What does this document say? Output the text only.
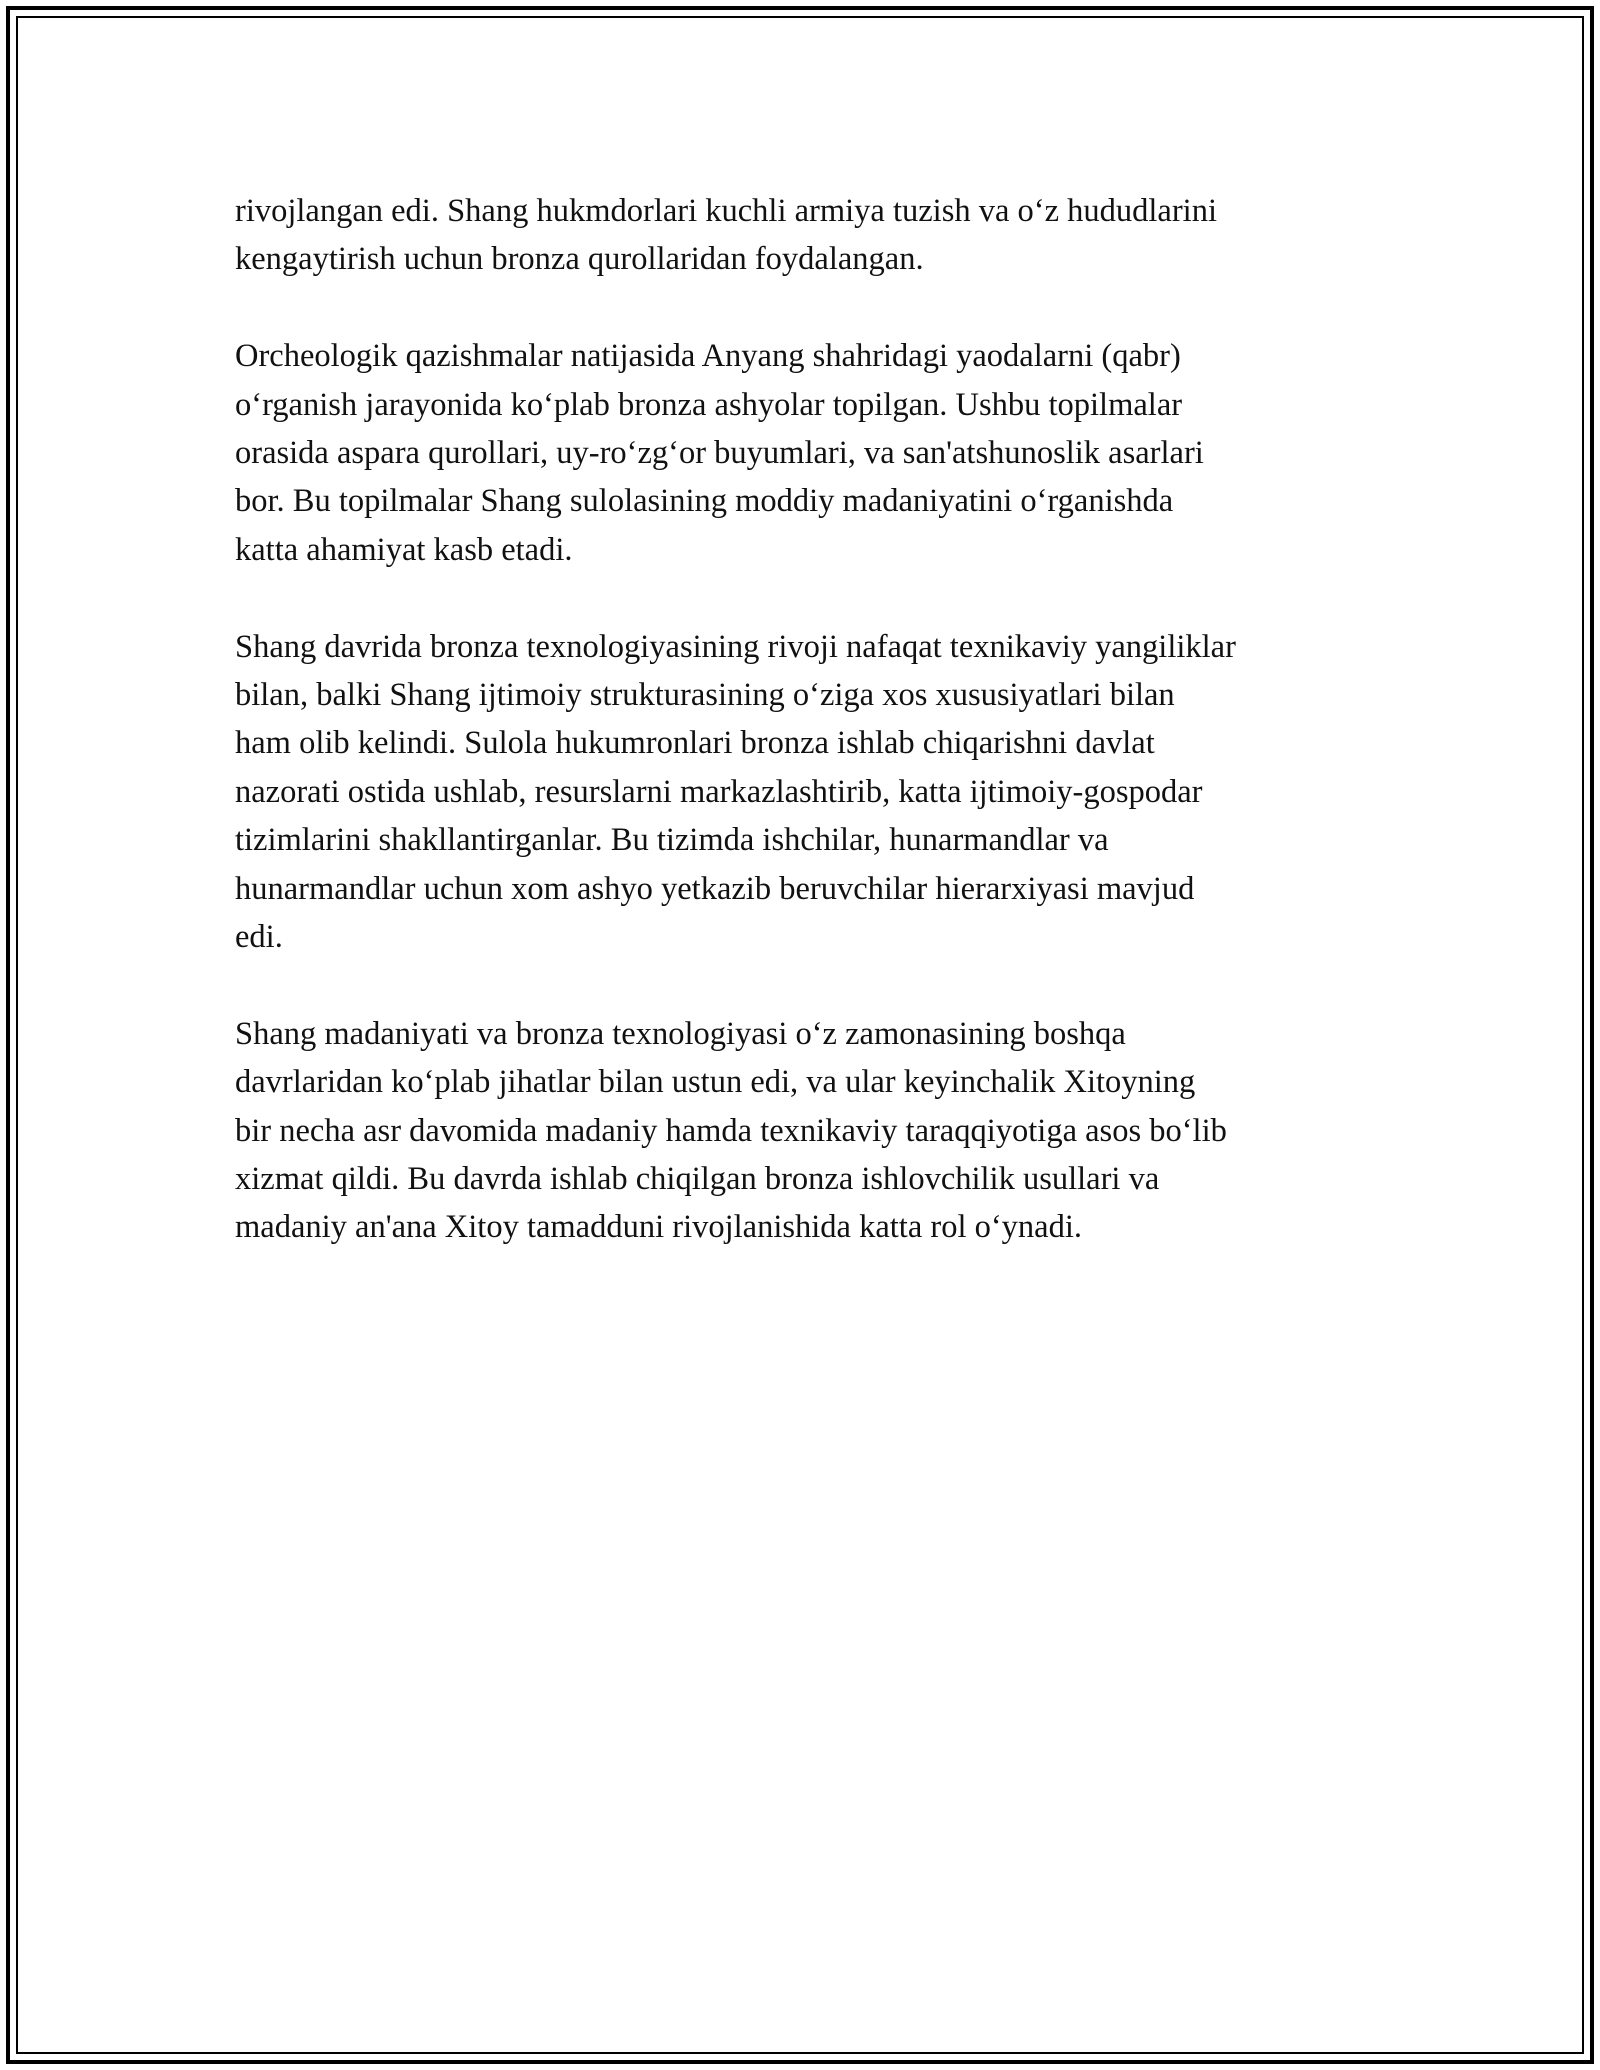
rivojlangan edi. Shang hukmdorlari kuchli armiya tuzish va o‘z hududlarini
kengaytirish uchun bronza qurollaridan foydalangan.

Orcheologik qazishmalar natijasida Anyang shahridagi yaodalarni (qabr)
o‘rganish jarayonida ko‘plab bronza ashyolar topilgan. Ushbu topilmalar
orasida aspara qurollari, uy-ro‘zg‘or buyumlari, va san'atshunoslik asarlari
bor. Bu topilmalar Shang sulolasining moddiy madaniyatini o‘rganishda
katta ahamiyat kasb etadi.

Shang davrida bronza texnologiyasining rivoji nafaqat texnikaviy yangiliklar
bilan, balki Shang ijtimoiy strukturasining o‘ziga xos xususiyatlari bilan
ham olib kelindi. Sulola hukumronlari bronza ishlab chiqarishni davlat
nazorati ostida ushlab, resurslarni markazlashtirib, katta ijtimoiy-gospodar
tizimlarini shakllantirganlar. Bu tizimda ishchilar, hunarmandlar va
hunarmandlar uchun xom ashyo yetkazib beruvchilar hierarxiyasi mavjud
edi.

Shang madaniyati va bronza texnologiyasi o‘z zamonasining boshqa
davrlaridan ko‘plab jihatlar bilan ustun edi, va ular keyinchalik Xitoyning
bir necha asr davomida madaniy hamda texnikaviy taraqqiyotiga asos bo‘lib
xizmat qildi. Bu davrda ishlab chiqilgan bronza ishlovchilik usullari va
madaniy an'ana Xitoy tamadduni rivojlanishida katta rol o‘ynadi.
